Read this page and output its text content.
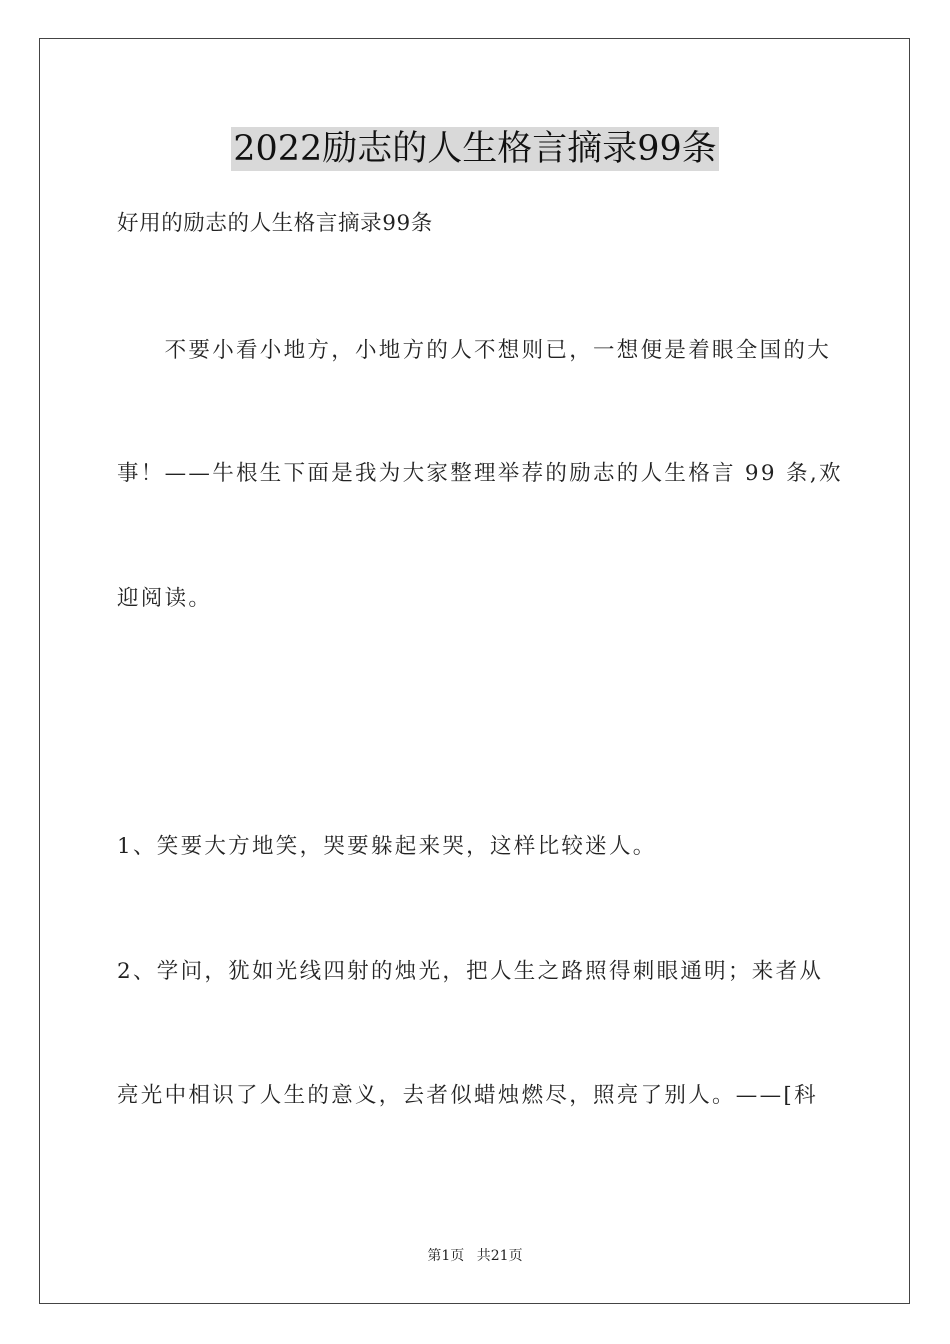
2022励志的人生格言摘录99条
好用的励志的人生格言摘录99条
　　不要小看小地方，小地方的人不想则已，一想便是着眼全国的大
事！——牛根生下面是我为大家整理举荐的励志的人生格言 99 条,欢
迎阅读。
1、笑要大方地笑，哭要躲起来哭，这样比较迷人。
2、学问，犹如光线四射的烛光，把人生之路照得刺眼通明；来者从
亮光中相识了人生的意义，去者似蜡烛燃尽，照亮了别人。——[科
第1页 共21页
